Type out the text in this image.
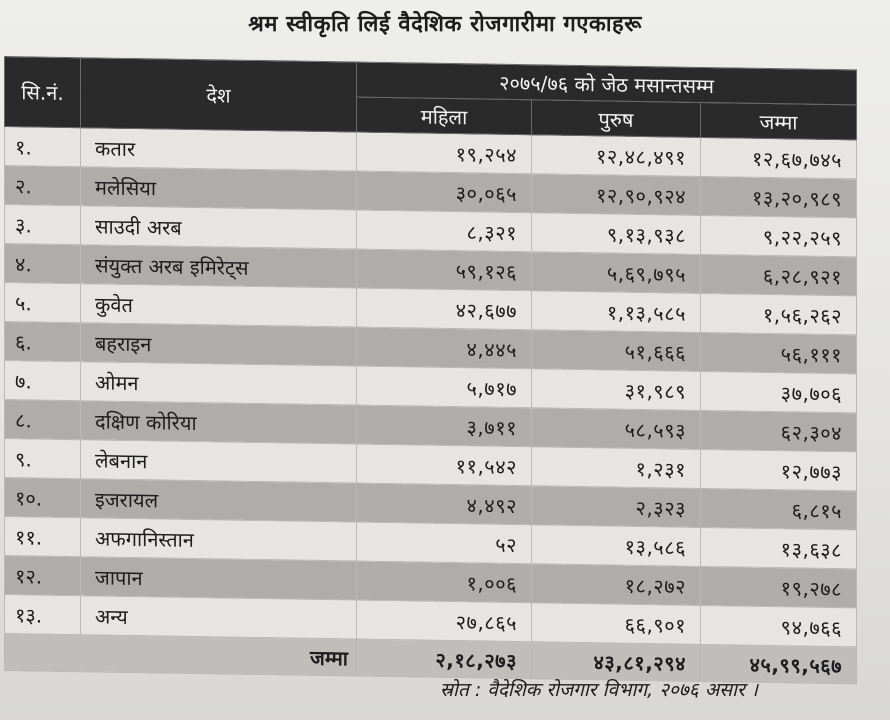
श्रम स्वीकृति लिई वैदेशिक रोजगारीमा गएकाहरू
सि.नं.	देश	२०७५/७६ को जेठ मसान्तसम्म		
		महिला	पुरुष	जम्मा
१.	कतार	१९,२५४	१२,४८,४९१	१२,६७,७४५
२.	मलेसिया	३०,०६५	१२,९०,९२४	१३,२०,९८९
३.	साउदी अरब	८,३२१	९,१३,९३८	९,२२,२५९
४.	संयुक्त अरब इमिरेट्स	५९,१२६	५,६९,७९५	६,२८,९२१
५.	कुवेत	४२,६७७	१,१३,५८५	१,५६,२६२
६.	बहराइन	४,४४५	५१,६६६	५६,१११
७.	ओमन	५,७१७	३१,९८९	३७,७०६
८.	दक्षिण कोरिया	३,७११	५८,५९३	६२,३०४
९.	लेबनान	११,५४२	१,२३१	१२,७७३
१०.	इजरायल	४,४९२	२,३२३	६,८१५
११.	अफगानिस्तान	५२	१३,५८६	१३,६३८
१२.	जापान	१,००६	१८,२७२	१९,२७८
१३.	अन्य	२७,८६५	६६,९०१	९४,७६६
जम्मा		२,१८,२७३	४३,८१,२९४	४५,९९,५६७
स्रोत : वैदेशिक रोजगार विभाग, २०७६ असार ।
